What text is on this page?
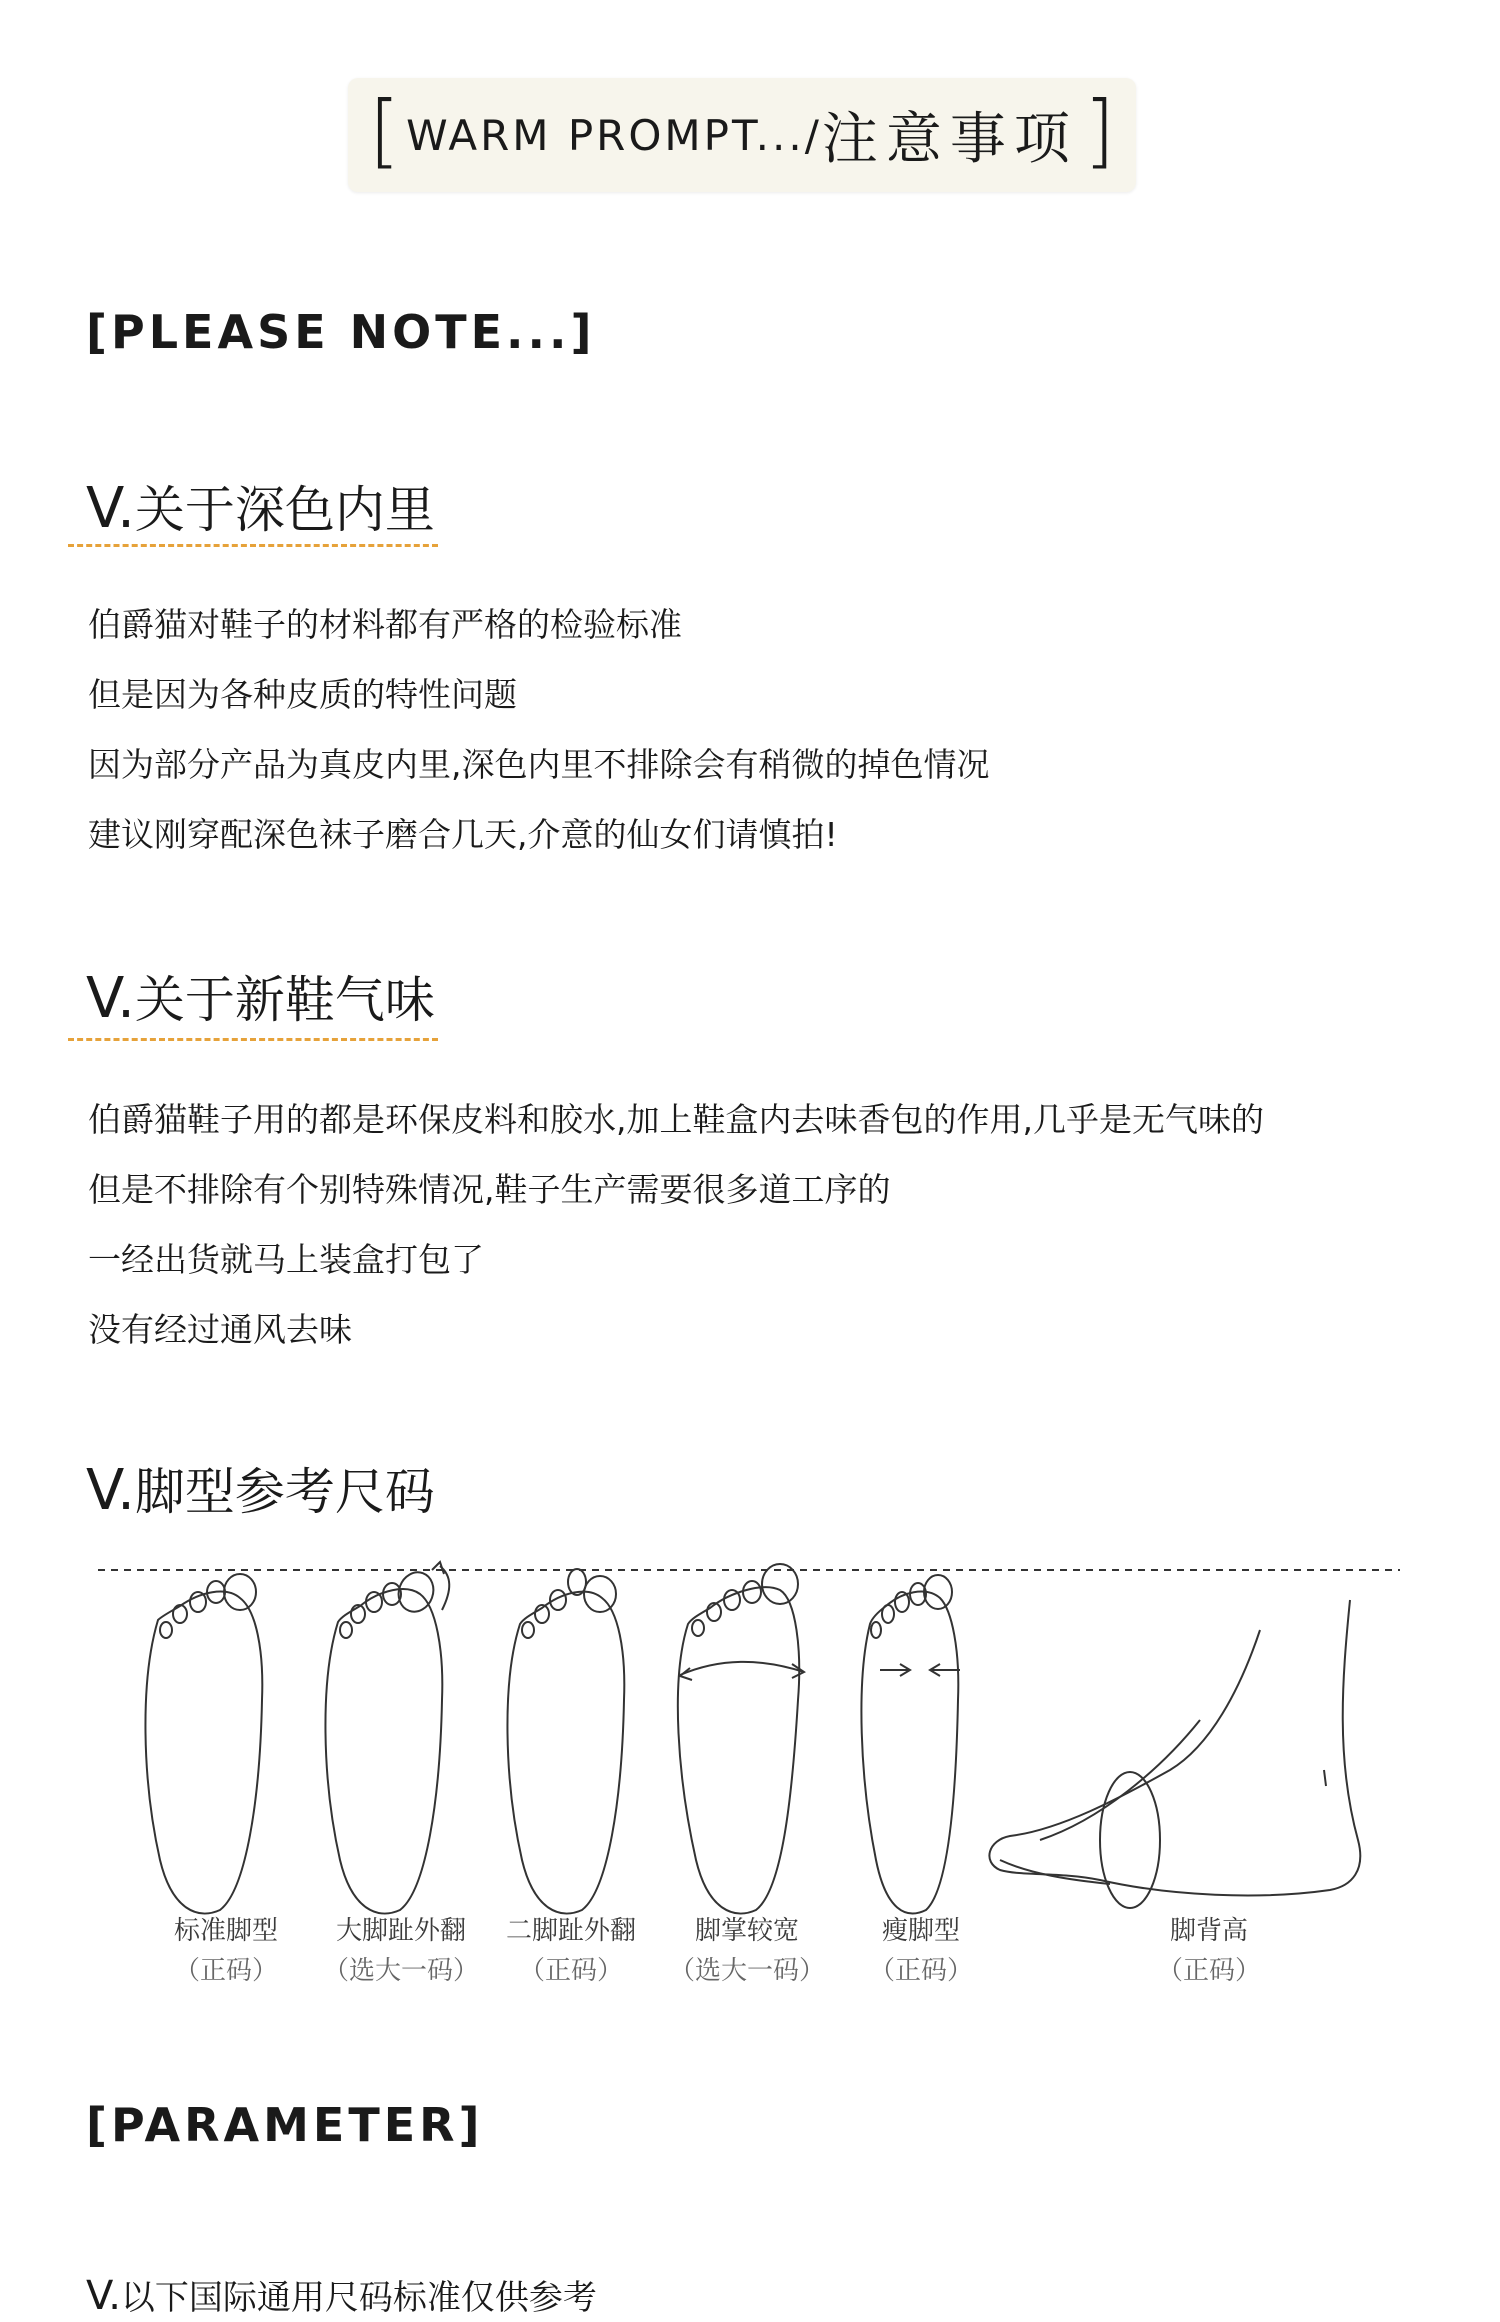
[ WARM PROMPT.../ 注意事项 ]
[PLEASE NOTE...]
V.关于深色内里
伯爵猫对鞋子的材料都有严格的检验标准
但是因为各种皮质的特性问题
因为部分产品为真皮内里,深色内里不排除会有稍微的掉色情况
建议刚穿配深色袜子磨合几天,介意的仙女们请慎拍!
V.关于新鞋气味
伯爵猫鞋子用的都是环保皮料和胶水,加上鞋盒内去味香包的作用,几乎是无气味的
但是不排除有个别特殊情况,鞋子生产需要很多道工序的
一经出货就马上装盒打包了
没有经过通风去味
V.脚型参考尺码
标准脚型
（正码）
大脚趾外翻
（选大一码）
二脚趾外翻
（正码）
脚掌较宽
（选大一码）
瘦脚型
（正码）
脚背高
（正码）
[PARAMETER]
V.以下国际通用尺码标准仅供参考
